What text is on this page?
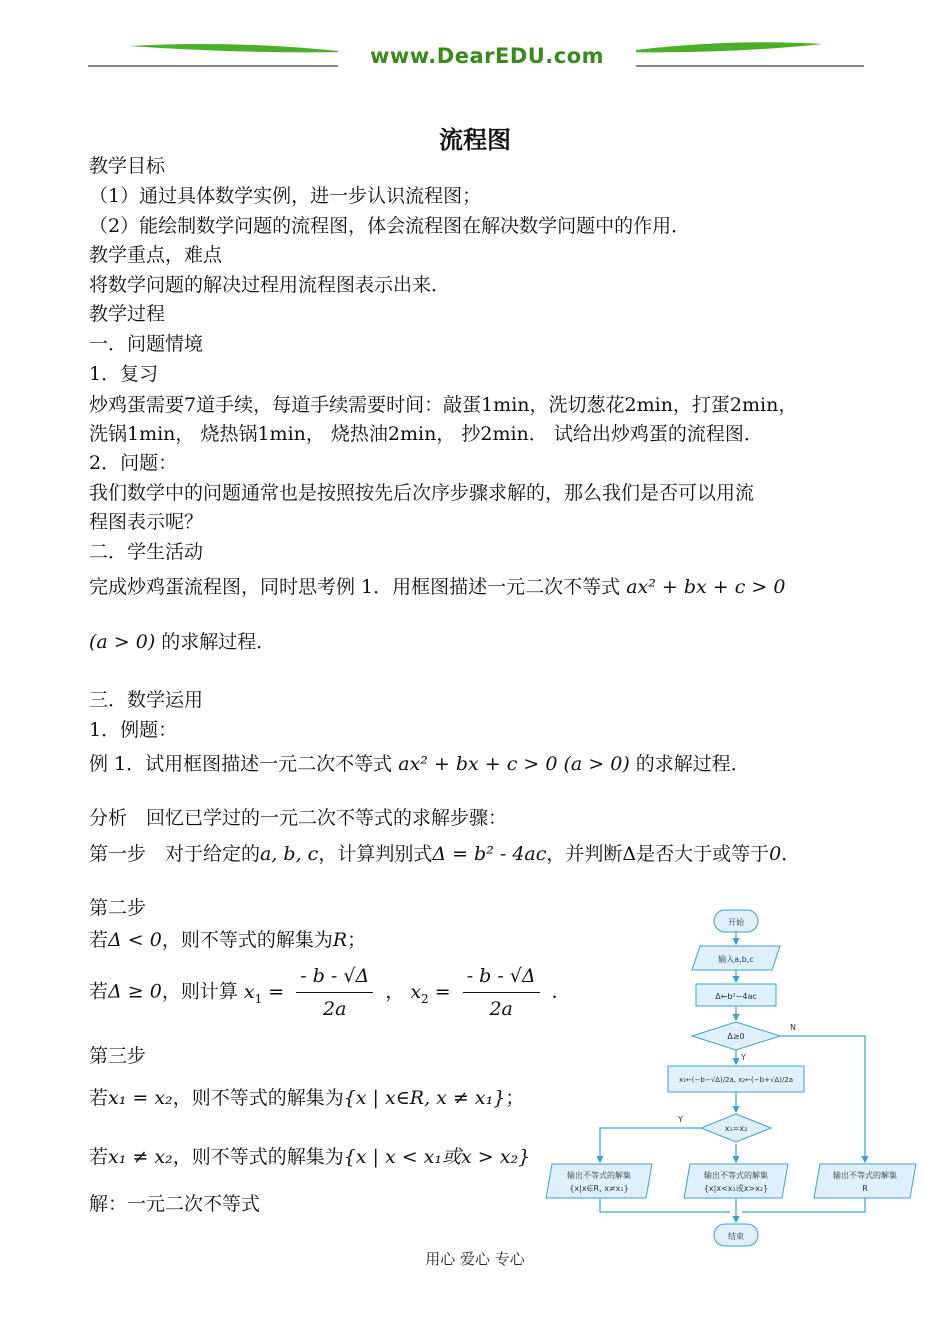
www.DearEDU.com
流程图
教学目标
（1）通过具体数学实例，进一步认识流程图；
（2）能绘制数学问题的流程图，体会流程图在解决数学问题中的作用．
教学重点，难点
将数学问题的解决过程用流程图表示出来．
教学过程
一．问题情境
1．复习
炒鸡蛋需要7道手续，每道手续需要时间：敲蛋1min，洗切葱花2min，打蛋2min，
洗锅1min， 烧热锅1min， 烧热油2min， 抄2min． 试给出炒鸡蛋的流程图．
2．问题：
我们数学中的问题通常也是按照按先后次序步骤求解的，那么我们是否可以用流
程图表示呢？
二．学生活动
完成炒鸡蛋流程图，同时思考例 1．用框图描述一元二次不等式 ax² + bx + c > 0
(a > 0) 的求解过程．
三．数学运用
1．例题：
例 1．试用框图描述一元二次不等式 ax² + bx + c > 0 (a > 0) 的求解过程．
分析　回忆已学过的一元二次不等式的求解步骤：
第一步　对于给定的a, b, c，计算判别式Δ = b² - 4ac，并判断Δ是否大于或等于0．
第二步
若Δ < 0，则不等式的解集为R；
若Δ ≥ 0，则计算 $x_1 = \frac{- b - √\Delta}{2a}$ ， $x_2 = \frac{- b - √\Delta}{2a}$ ．
第三步
若x₁ = x₂，则不等式的解集为{x | x∈R, x ≠ x₁}；
若x₁ ≠ x₂，则不等式的解集为{x | x < x₁或x > x₂}
解：一元二次不等式
开始
输入a,b,c
Δ←b²−4ac
Δ≥0
Y
N
x₁←(−b−√Δ)/2a, x₂←(−b+√Δ)/2a
x₁=x₂
Y
输出不等式的解集
{x|x∈R, x≠x₁}
输出不等式的解集
{x|x<x₁或x>x₂}
输出不等式的解集
R
结束
用心 爱心 专心
